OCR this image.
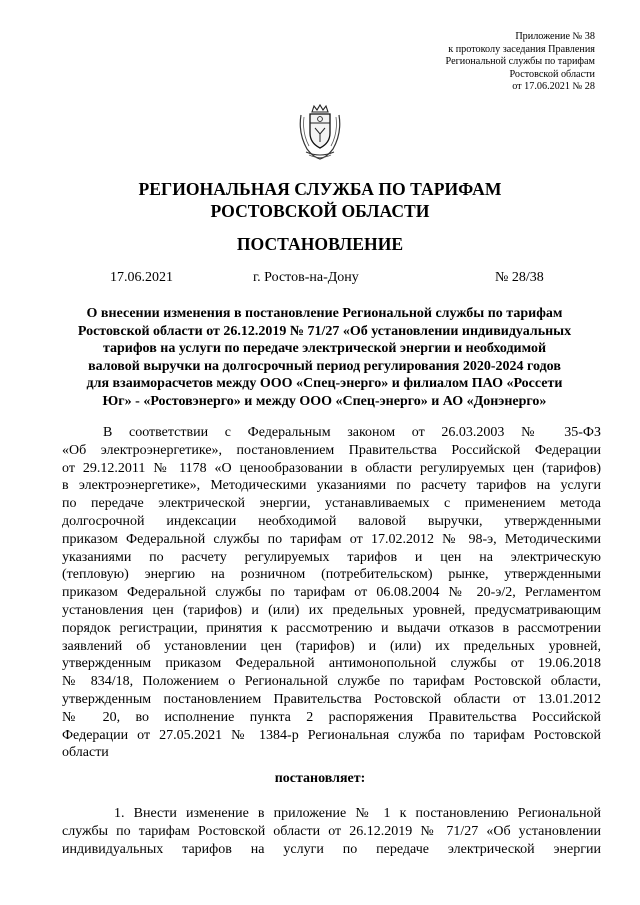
Приложение № 38
к протоколу заседания Правления
Региональной службы по тарифам
Ростовской области
от 17.06.2021 № 28
РЕГИОНАЛЬНАЯ СЛУЖБА ПО ТАРИФАМ
РОСТОВСКОЙ ОБЛАСТИ
ПОСТАНОВЛЕНИЕ
17.06.2021	г. Ростов-на-Дону	№ 28/38
О внесении изменения в постановление Региональной службы по тарифам
Ростовской области от 26.12.2019 № 71/27 «Об установлении индивидуальных
тарифов на услуги по передаче электрической энергии и необходимой
валовой выручки на долгосрочный период регулирования 2020-2024 годов
для взаиморасчетов между ООО «Спец-энерго» и филиалом ПАО «Россети
Юг» - «Ростовэнерго» и между ООО «Спец-энерго» и АО «Донэнерго»
В соответствии с Федеральным законом от 26.03.2003 № 35-ФЗ
«Об электроэнергетике», постановлением Правительства Российской Федерации
от 29.12.2011 № 1178 «О ценообразовании в области регулируемых цен (тарифов)
в электроэнергетике», Методическими указаниями по расчету тарифов на услуги
по передаче электрической энергии, устанавливаемых с применением метода
долгосрочной индексации необходимой валовой выручки, утвержденными
приказом Федеральной службы по тарифам от 17.02.2012 № 98-э, Методическими
указаниями по расчету регулируемых тарифов и цен на электрическую
(тепловую) энергию на розничном (потребительском) рынке, утвержденными
приказом Федеральной службы по тарифам от 06.08.2004 № 20-э/2, Регламентом
установления цен (тарифов) и (или) их предельных уровней, предусматривающим
порядок регистрации, принятия к рассмотрению и выдачи отказов в рассмотрении
заявлений об установлении цен (тарифов) и (или) их предельных уровней,
утвержденным приказом Федеральной антимонопольной службы от 19.06.2018
№ 834/18, Положением о Региональной службе по тарифам Ростовской области,
утвержденным постановлением Правительства Ростовской области от 13.01.2012
№ 20, во исполнение пункта 2 распоряжения Правительства Российской
Федерации от 27.05.2021 № 1384-р Региональная служба по тарифам Ростовской
области
постановляет:
1. Внести изменение в приложение № 1 к постановлению Региональной
службы по тарифам Ростовской области от 26.12.2019 № 71/27 «Об установлении
индивидуальных тарифов на услуги по передаче электрической энергии
